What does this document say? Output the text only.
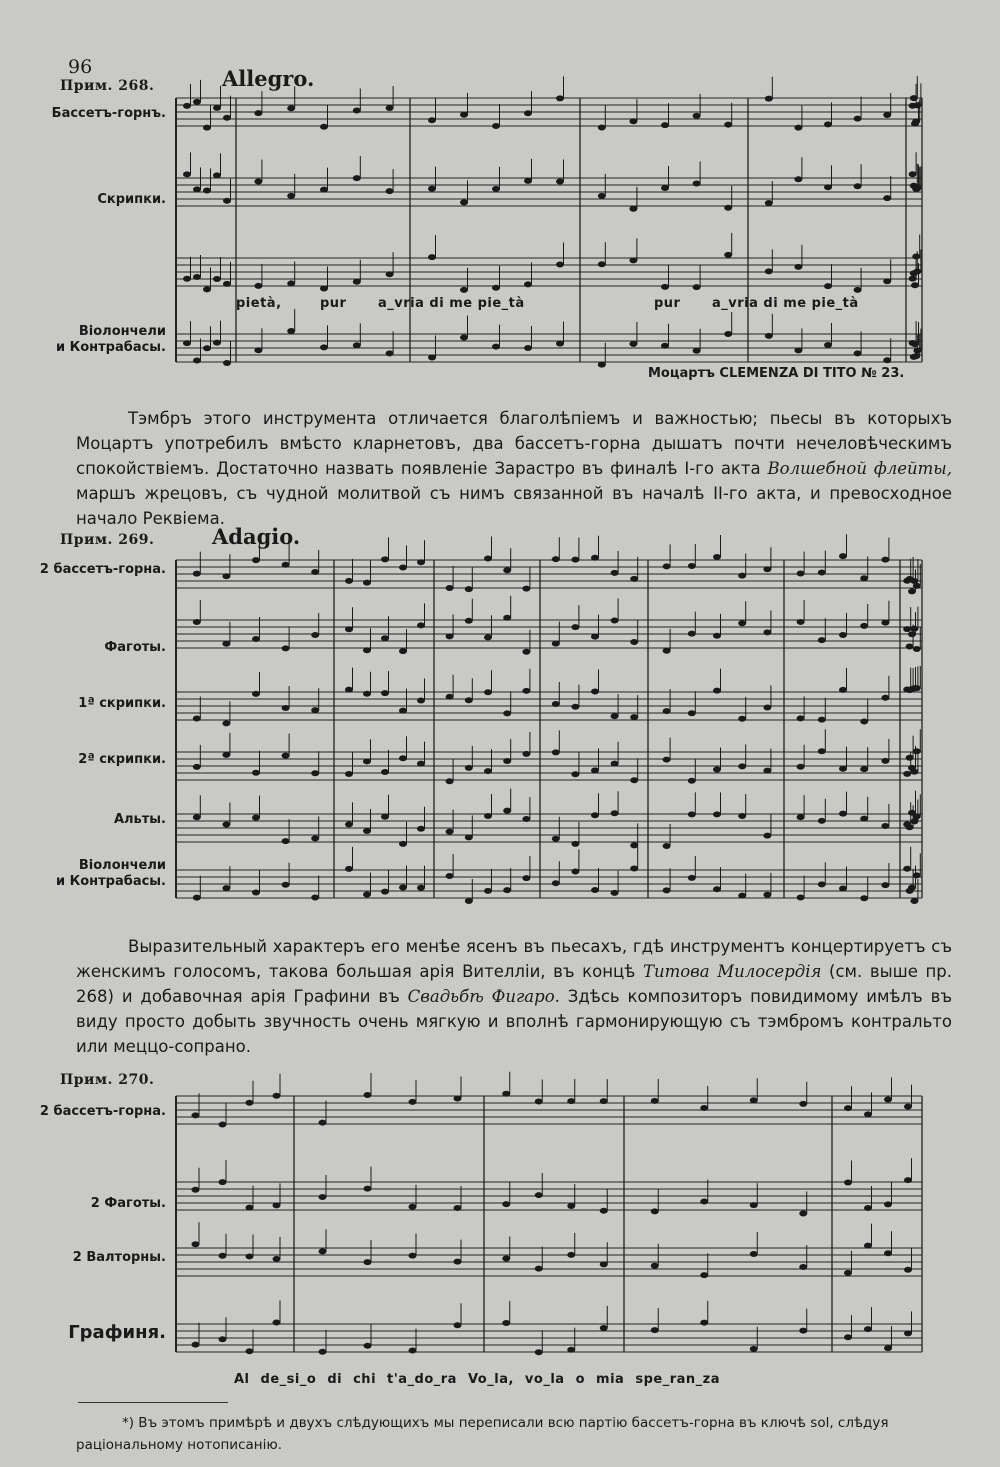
96
Прим. 268.	Allegro.
Бассетъ-горнъ.
Скрипки.
Віолончели
и Контрабасы.
pietà,	pur a_vria di me pie_tà	pur a_vria di me pie_tà
Моцартъ CLEMENZA DI TITO № 23.
Тэмбръ этого инструмента отличается благолѣпіемъ и важностью; пьесы въ которыхъ Моцартъ употребилъ вмѣсто кларнетовъ, два бассетъ-горна дышатъ почти нечеловѣческимъ спокойствіемъ. Достаточно назвать появленіе Зарастро въ финалѣ I-го акта Волшебной флейты, маршъ жрецовъ, съ чудной молитвой съ нимъ связанной въ началѣ II-го акта, и превосходное начало Реквіема.
Прим. 269.	Adagio.
2 бассетъ-горна.
Фаготы.
1ª скрипки.
2ª скрипки.
Альты.
Віолончели
и Контрабасы.
Выразительный характеръ его менѣе ясенъ въ пьесахъ, гдѣ инструментъ концертируетъ съ женскимъ голосомъ, такова большая арія Вителліи, въ концѣ Титова Милосердія (см. выше пр. 268) и добавочная арія Графини въ Свадьбѣ Фигаро. Здѣсь композиторъ повидимому имѣлъ въ виду просто добыть звучность очень мягкую и вполнѣ гармонирующую съ тэмбромъ контральто или меццо-сопрано.
Прим. 270.
2 бассетъ-горна.
2 Фаготы.
2 Валторны.
Графиня.
Al de_si_o di chi t'a_do_ra Vo_la, vo_la o mia spe_ran_za
*) Въ этомъ примѣрѣ и двухъ слѣдующихъ мы переписали всю партію бассетъ-горна въ ключѣ sol, слѣдуя раціональному нотописанію.
